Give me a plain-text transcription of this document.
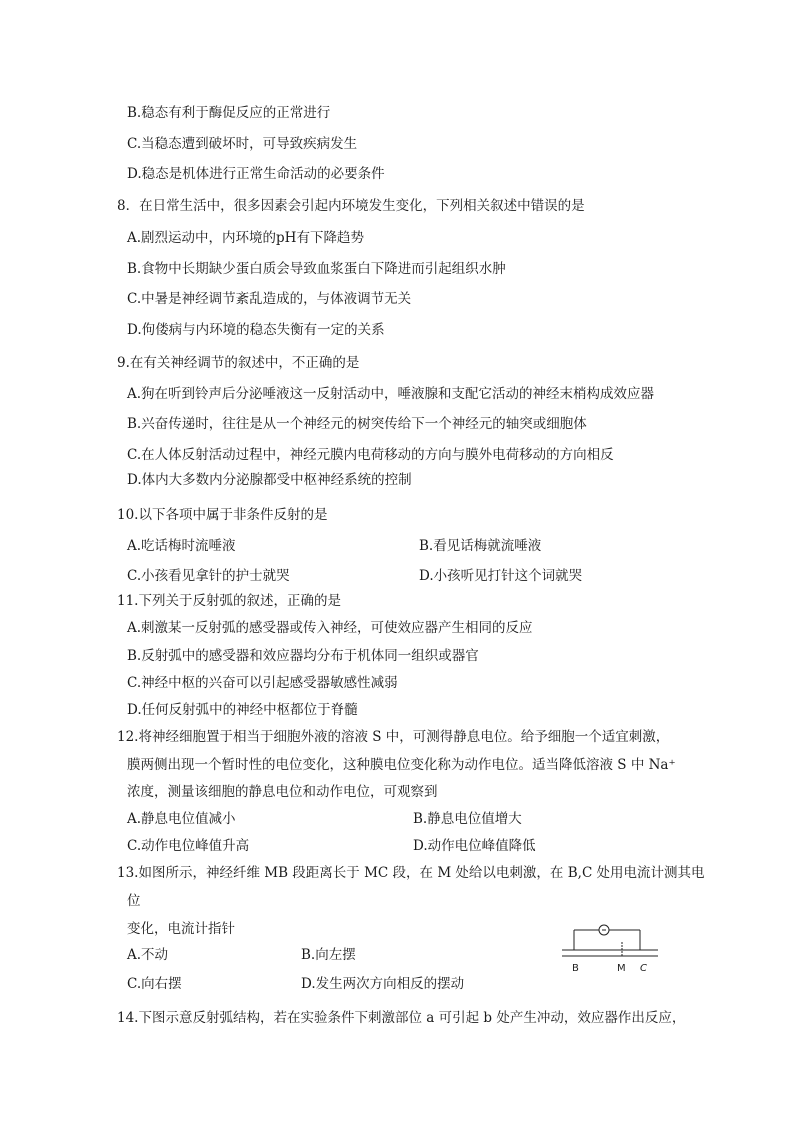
B.稳态有利于酶促反应的正常进行
C.当稳态遭到破坏时，可导致疾病发生
D.稳态是机体进行正常生命活动的必要条件
8．在日常生活中，很多因素会引起内环境发生变化，下列相关叙述中错误的是
A.剧烈运动中，内环境的pH有下降趋势
B.食物中长期缺少蛋白质会导致血浆蛋白下降进而引起组织水肿
C.中暑是神经调节紊乱造成的，与体液调节无关
D.佝偻病与内环境的稳态失衡有一定的关系
9.在有关神经调节的叙述中，不正确的是
A.狗在听到铃声后分泌唾液这一反射活动中，唾液腺和支配它活动的神经末梢构成效应器
B.兴奋传递时，往往是从一个神经元的树突传给下一个神经元的轴突或细胞体
C.在人体反射活动过程中，神经元膜内电荷移动的方向与膜外电荷移动的方向相反
D.体内大多数内分泌腺都受中枢神经系统的控制
10.以下各项中属于非条件反射的是
A.吃话梅时流唾液	B.看见话梅就流唾液
C.小孩看见拿针的护士就哭	D.小孩听见打针这个词就哭
11.下列关于反射弧的叙述，正确的是
A.刺激某一反射弧的感受器或传入神经，可使效应器产生相同的反应
B.反射弧中的感受器和效应器均分布于机体同一组织或器官
C.神经中枢的兴奋可以引起感受器敏感性减弱
D.任何反射弧中的神经中枢都位于脊髓
12.将神经细胞置于相当于细胞外液的溶液 S 中，可测得静息电位。给予细胞一个适宜刺激，
膜两侧出现一个暂时性的电位变化，这种膜电位变化称为动作电位。适当降低溶液 S 中 Na⁺
浓度，测量该细胞的静息电位和动作电位，可观察到
A.静息电位值减小	B.静息电位值增大
C.动作电位峰值升高	D.动作电位峰值降低
13.如图所示，神经纤维 MB 段距离长于 MC 段，在 M 处给以电刺激，在 B,C 处用电流计测其电
位
变化，电流计指针
A.不动	B.向左摆
C.向右摆	D.发生两次方向相反的摆动
B	M C
14.下图示意反射弧结构，若在实验条件下刺激部位 a 可引起 b 处产生冲动，效应器作出反应，
